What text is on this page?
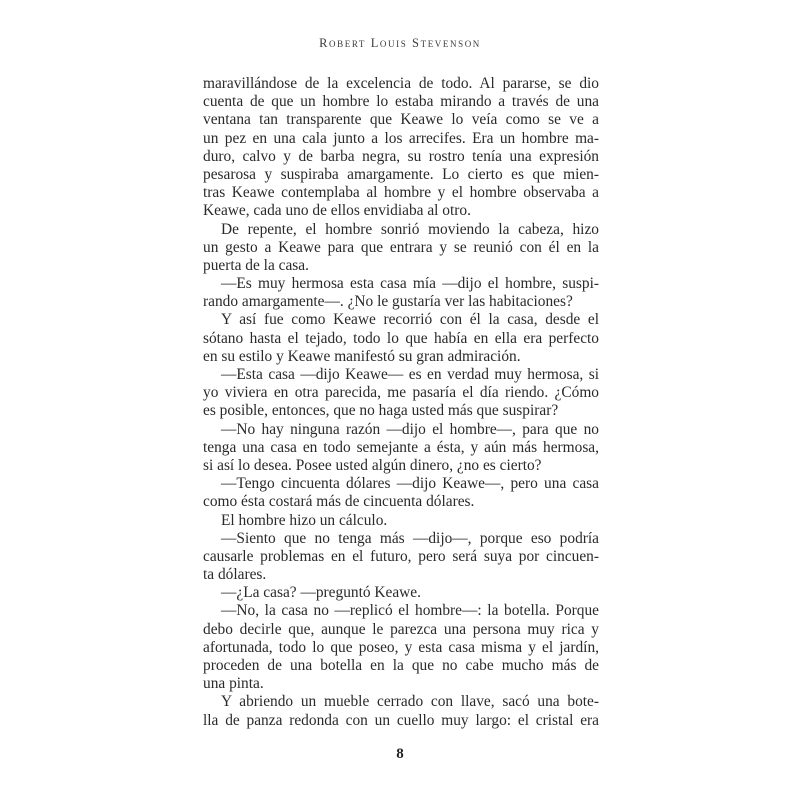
Robert Louis Stevenson
maravillándose de la excelencia de todo. Al pararse, se dio
cuenta de que un hombre lo estaba mirando a través de una
ventana tan transparente que Keawe lo veía como se ve a
un pez en una cala junto a los arrecifes. Era un hombre ma-
duro, calvo y de barba negra, su rostro tenía una expresión
pesarosa y suspiraba amargamente. Lo cierto es que mien-
tras Keawe contemplaba al hombre y el hombre observaba a
Keawe, cada uno de ellos envidiaba al otro.
De repente, el hombre sonrió moviendo la cabeza, hizo
un gesto a Keawe para que entrara y se reunió con él en la
puerta de la casa.
—Es muy hermosa esta casa mía —dijo el hombre, suspi-
rando amargamente—. ¿No le gustaría ver las habitaciones?
Y así fue como Keawe recorrió con él la casa, desde el
sótano hasta el tejado, todo lo que había en ella era perfecto
en su estilo y Keawe manifestó su gran admiración.
—Esta casa —dijo Keawe— es en verdad muy hermosa, si
yo viviera en otra parecida, me pasaría el día riendo. ¿Cómo
es posible, entonces, que no haga usted más que suspirar?
—No hay ninguna razón —dijo el hombre—, para que no
tenga una casa en todo semejante a ésta, y aún más hermosa,
si así lo desea. Posee usted algún dinero, ¿no es cierto?
—Tengo cincuenta dólares —dijo Keawe—, pero una casa
como ésta costará más de cincuenta dólares.
El hombre hizo un cálculo.
—Siento que no tenga más —dijo—, porque eso podría
causarle problemas en el futuro, pero será suya por cincuen-
ta dólares.
—¿La casa? —preguntó Keawe.
—No, la casa no —replicó el hombre—: la botella. Porque
debo decirle que, aunque le parezca una persona muy rica y
afortunada, todo lo que poseo, y esta casa misma y el jardín,
proceden de una botella en la que no cabe mucho más de
una pinta.
Y abriendo un mueble cerrado con llave, sacó una bote-
lla de panza redonda con un cuello muy largo: el cristal era
8
